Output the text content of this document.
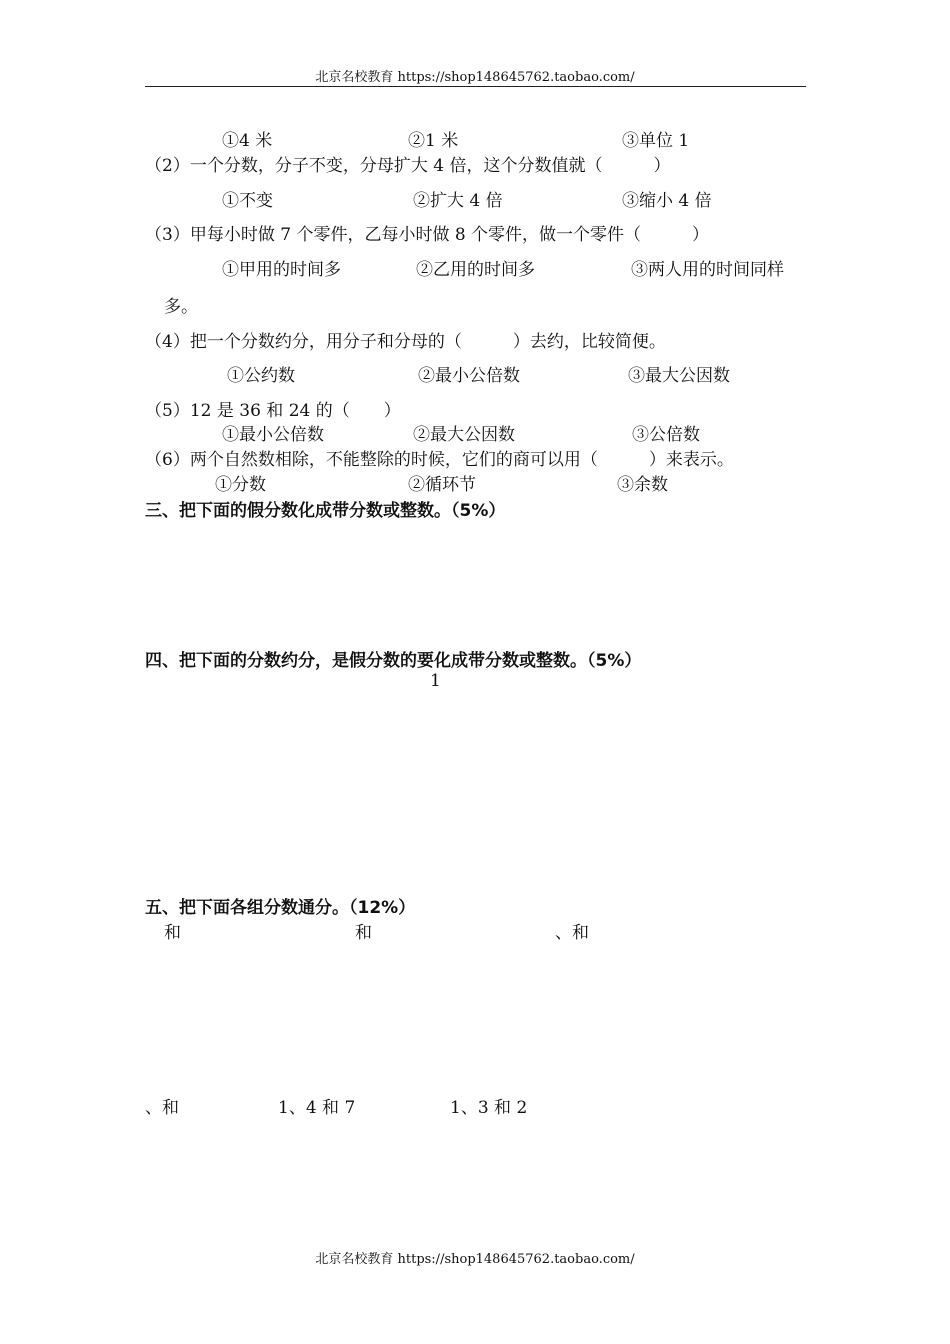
北京名校教育 https://shop148645762.taobao.com/
①4 米	②1 米	③单位 1
（2）一个分数，分子不变，分母扩大 4 倍，这个分数值就（　　　）
①不变	②扩大 4 倍	③缩小 4 倍
（3）甲每小时做 7 个零件，乙每小时做 8 个零件，做一个零件（　　　）
①甲用的时间多	②乙用的时间多	③两人用的时间同样
多。
（4）把一个分数约分，用分子和分母的（　　　）去约，比较简便。
①公约数	②最小公倍数	③最大公因数
（5）12 是 36 和 24 的（　　）
①最小公倍数	②最大公因数	③公倍数
（6）两个自然数相除，不能整除的时候，它们的商可以用（　　　）来表示。
①分数	②循环节	③余数
三、把下面的假分数化成带分数或整数。（5%）
四、把下面的分数约分，是假分数的要化成带分数或整数。（5%）
1
五、把下面各组分数通分。（12%）
和	和	、和
、和	1、4 和 7	1、3 和 2
北京名校教育 https://shop148645762.taobao.com/
